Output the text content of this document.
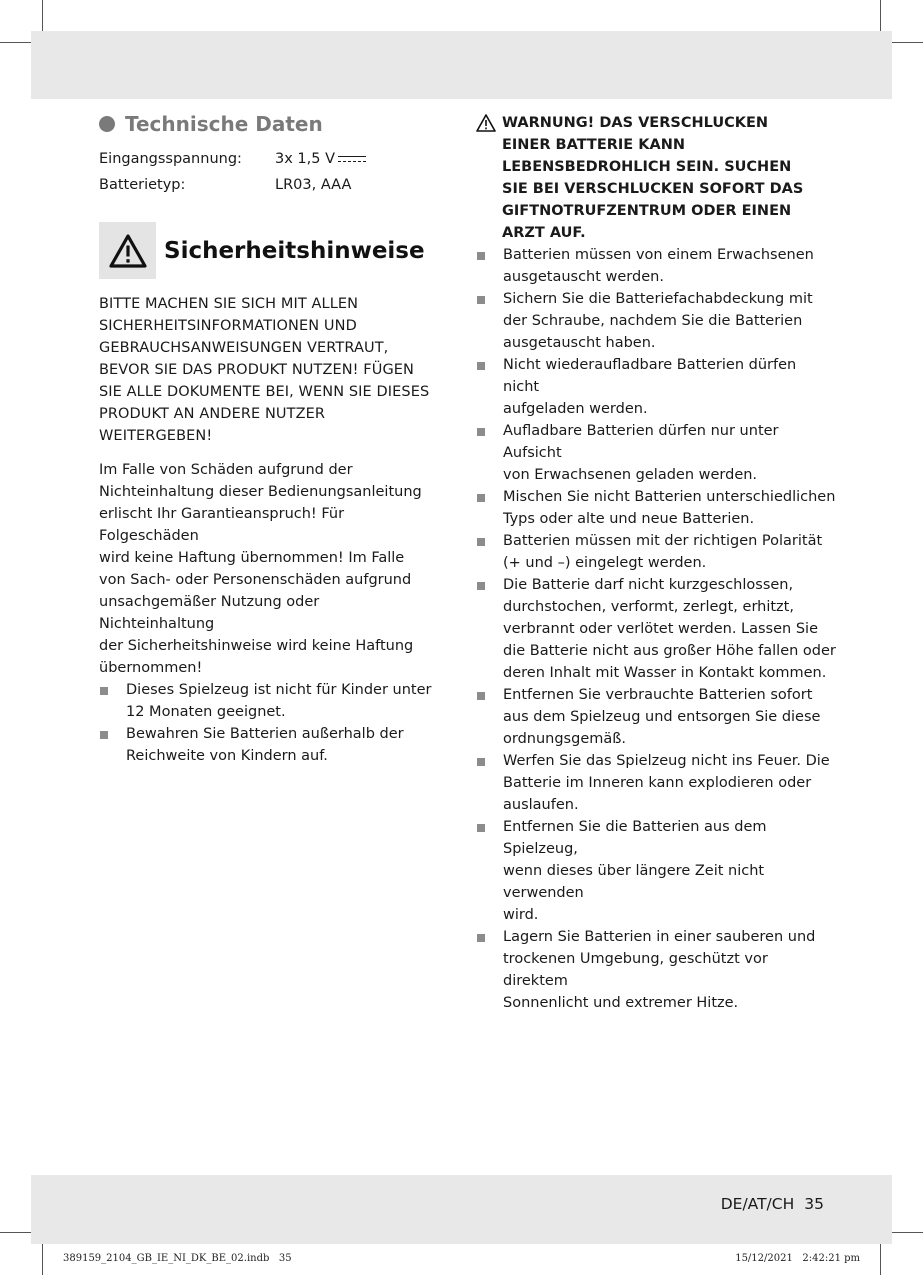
Technische Daten
Eingangsspannung:	3x 1,5 V
Batterietyp:	LR03, AAA
Sicherheitshinweise
BITTE MACHEN SIE SICH MIT ALLEN SICHERHEITSINFORMATIONEN UND GEBRAUCHSANWEISUNGEN VERTRAUT, BEVOR SIE DAS PRODUKT NUTZEN! FÜGEN SIE ALLE DOKUMENTE BEI, WENN SIE DIESES PRODUKT AN ANDERE NUTZER WEITERGEBEN!
Im Falle von Schäden aufgrund der
Nichteinhaltung dieser Bedienungsanleitung
erlischt Ihr Garantieanspruch! Für Folgeschäden
wird keine Haftung übernommen! Im Falle
von Sach- oder Personenschäden aufgrund
unsachgemäßer Nutzung oder Nichteinhaltung
der Sicherheitshinweise wird keine Haftung
übernommen!
Dieses Spielzeug ist nicht für Kinder unter
12 Monaten geeignet.
Bewahren Sie Batterien außerhalb der
Reichweite von Kindern auf.
WARNUNG! DAS VERSCHLUCKEN
EINER BATTERIE KANN
LEBENSBEDROHLICH SEIN. SUCHEN
SIE BEI VERSCHLUCKEN SOFORT DAS
GIFTNOTRUFZENTRUM ODER EINEN
ARZT AUF.
Batterien müssen von einem Erwachsenen
ausgetauscht werden.
Sichern Sie die Batteriefachabdeckung mit
der Schraube, nachdem Sie die Batterien
ausgetauscht haben.
Nicht wiederaufladbare Batterien dürfen nicht
aufgeladen werden.
Aufladbare Batterien dürfen nur unter Aufsicht
von Erwachsenen geladen werden.
Mischen Sie nicht Batterien unterschiedlichen
Typs oder alte und neue Batterien.
Batterien müssen mit der richtigen Polarität
(+ und –) eingelegt werden.
Die Batterie darf nicht kurzgeschlossen,
durchstochen, verformt, zerlegt, erhitzt,
verbrannt oder verlötet werden. Lassen Sie
die Batterie nicht aus großer Höhe fallen oder
deren Inhalt mit Wasser in Kontakt kommen.
Entfernen Sie verbrauchte Batterien sofort
aus dem Spielzeug und entsorgen Sie diese
ordnungsgemäß.
Werfen Sie das Spielzeug nicht ins Feuer. Die
Batterie im Inneren kann explodieren oder
auslaufen.
Entfernen Sie die Batterien aus dem Spielzeug,
wenn dieses über längere Zeit nicht verwenden
wird.
Lagern Sie Batterien in einer sauberen und
trockenen Umgebung, geschützt vor direktem
Sonnenlicht und extremer Hitze.
DE/AT/CH 35
389159_2104_GB_IE_NI_DK_BE_02.indb   35	15/12/2021   2:42:21 pm
